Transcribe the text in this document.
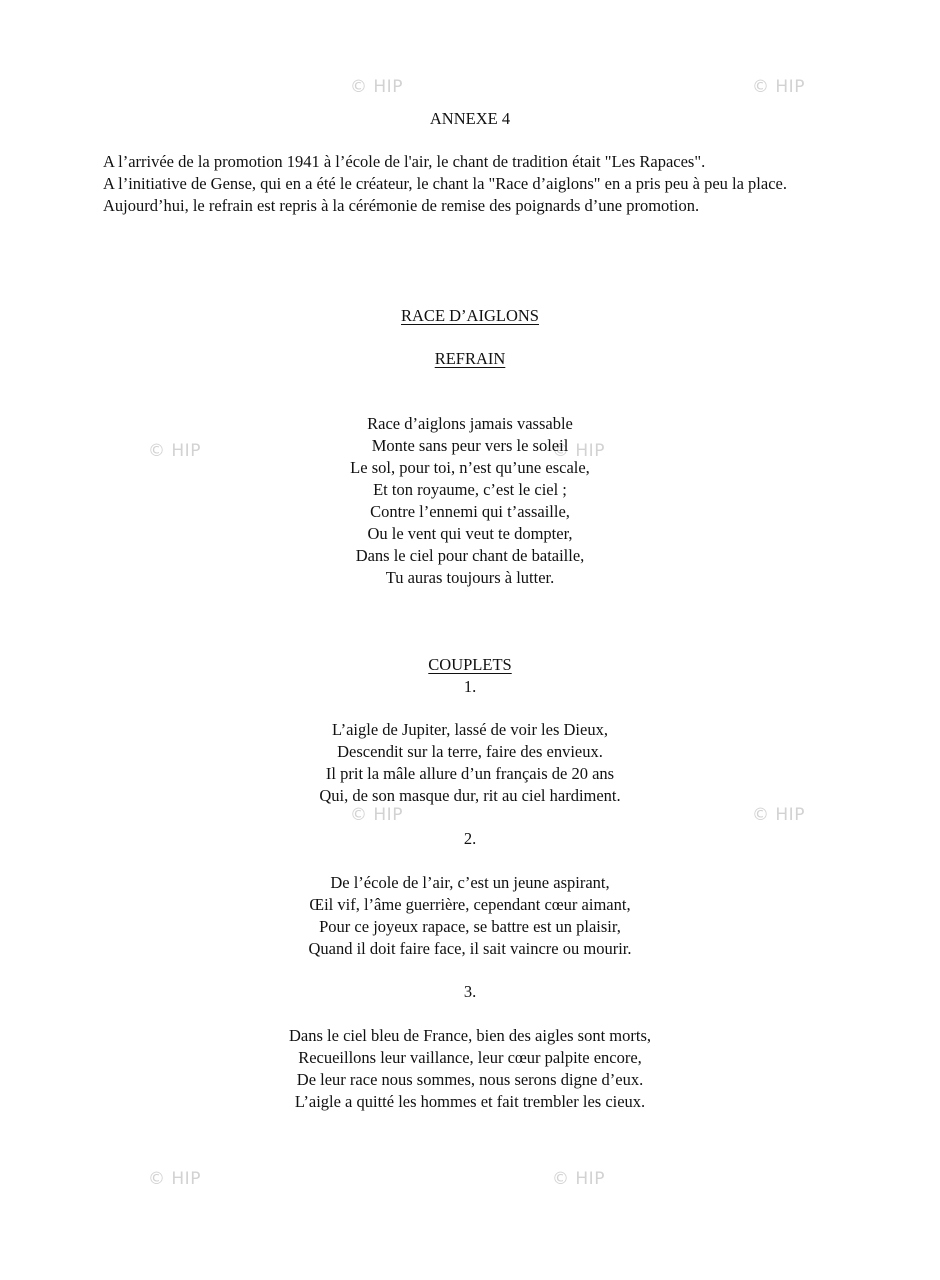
© HIP	© HIP
© HIP	© HIP
© HIP	© HIP
© HIP	© HIP
ANNEXE 4

A l’arrivée de la promotion 1941 à l’école de l'air, le chant de tradition était "Les Rapaces".

A l’initiative de Gense, qui en a été le créateur, le chant la "Race d’aiglons" en a pris peu à peu la place.

Aujourd’hui, le refrain est repris à la cérémonie de remise des poignards d’une promotion.

RACE D’AIGLONS
REFRAIN
Race d’aiglons jamais vassable
Monte sans peur vers le soleil
Le sol, pour toi, n’est qu’une escale,
Et ton royaume, c’est le ciel ;
Contre l’ennemi qui t’assaille,
Ou le vent qui veut te dompter,
Dans le ciel pour chant de bataille,
Tu auras toujours à lutter.
COUPLETS
1.
L’aigle de Jupiter, lassé de voir les Dieux,
Descendit sur la terre, faire des envieux.
Il prit la mâle allure d’un français de 20 ans
Qui, de son masque dur, rit au ciel hardiment.
2.
De l’école de l’air, c’est un jeune aspirant,
Œil vif, l’âme guerrière, cependant cœur aimant,
Pour ce joyeux rapace, se battre est un plaisir,
Quand il doit faire face, il sait vaincre ou mourir.
3.
Dans le ciel bleu de France, bien des aigles sont morts,
Recueillons leur vaillance, leur cœur palpite encore,
De leur race nous sommes, nous serons digne d’eux.
L’aigle a quitté les hommes et fait trembler les cieux.
